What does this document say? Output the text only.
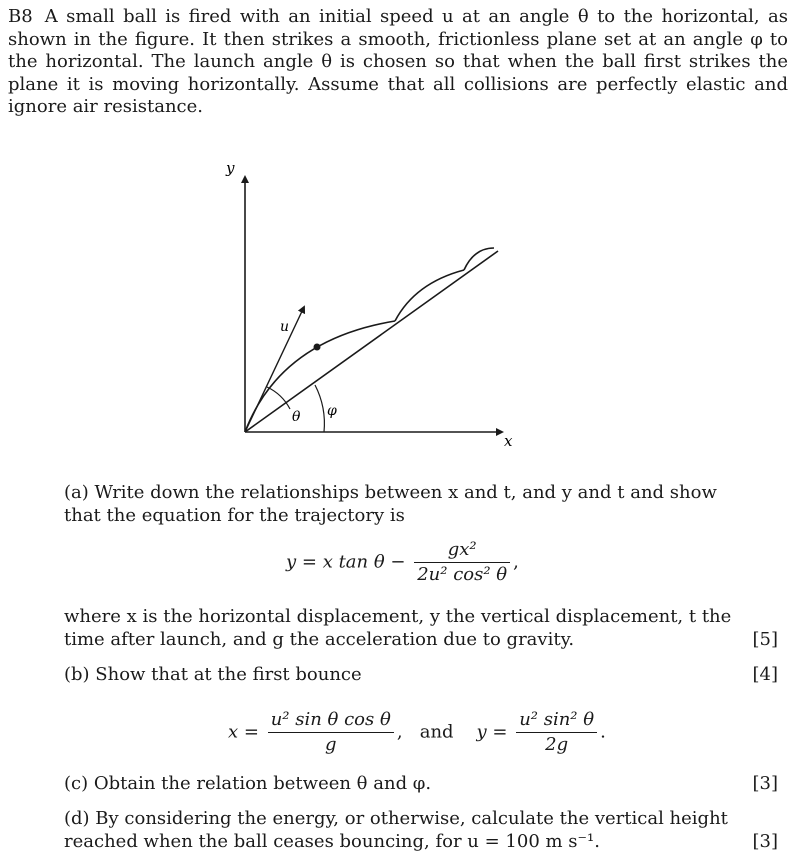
B8 A small ball is fired with an initial speed u at an angle θ to the horizontal, as shown in the figure. It then strikes a smooth, frictionless plane set at an angle φ to the horizontal. The launch angle θ is chosen so that when the ball first strikes the plane it is moving horizontally. Assume that all collisions are perfectly elastic and ignore air resistance.
y
x
u
θ φ
(a) Write down the relationships between x and t, and y and t and show that the equation for the trajectory is
y = x $\tan \theta - \frac{\text{gx²}}{\text{2u² cos² θ}}$ ,
where x is the horizontal displacement, y the vertical displacement, t the time after launch, and g the acceleration due to gravity.	[5]
(b) Show that at the first bounce	[4]
$x = \frac{\text{u² sin θ cos θ}}{g}$ ,   and    $y = \frac{\text{u² sin² θ}}{2g}$ .
(c) Obtain the relation between θ and φ.	[3]
(d) By considering the energy, or otherwise, calculate the vertical height reached when the ball ceases bouncing, for u = 100 m s⁻¹.	[3]
